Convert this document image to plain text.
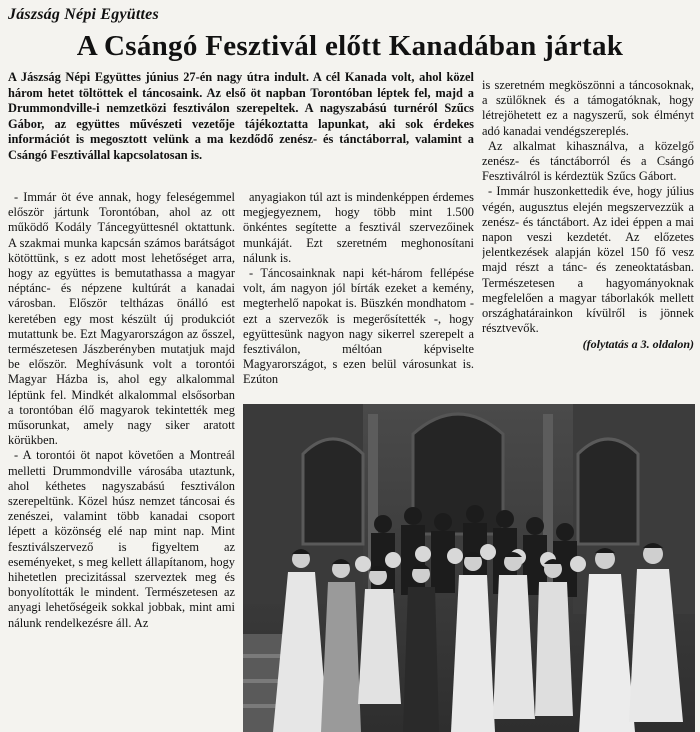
Jászság Népi Együttes
A Csángó Fesztivál előtt Kanadában jártak

A Jászság Népi Együttes június 27-én nagy útra indult. A cél Kanada volt, ahol közel három hetet töltöttek el táncosaink. Az első öt napban Torontóban léptek fel, majd a Drummondville-i nemzetközi fesztiválon szerepeltek. A nagyszabású turnéról Szűcs Gábor, az együttes művészeti vezetője tájékoztatta lapunkat, aki sok érdekes információt is megosztott velünk a ma kezdődő zenész- és tánctáborral, valamint a Csángó Fesztivállal kapcsolatosan is.

- Immár öt éve annak, hogy feleségemmel először jártunk Torontóban, ahol az ott működő Kodály Táncegyüttesnél oktattunk. A szakmai munka kapcsán számos barátságot kötöttünk, s ez adott most lehetőséget arra, hogy az együttes is bemutathassa a magyar néptánc- és népzene kultúrát a kanadai városban. Először teltházas önálló est keretében egy most készült új produkciót mutattunk be. Ezt Magyarországon az ősszel, természetesen Jászberényben mutatjuk majd be először. Meghívásunk volt a torontói Magyar Házba is, ahol egy alkalommal léptünk fel. Mindkét alkalommal elsősorban a torontóban élő magyarok tekintették meg műsorunkat, amely nagy siker aratott körükben.

- A torontói öt napot követően a Montreál melletti Drummondville városába utaztunk, ahol kéthetes nagyszabású fesztiválon szerepeltünk. Közel húsz nemzet táncosai és zenészei, valamint több kanadai csoport lépett a közönség elé nap mint nap. Mint fesztiválszervező is figyeltem az eseményeket, s meg kellett állapítanom, hogy hihetetlen precizitással szerveztek meg és bonyolították le mindent. Természetesen az anyagi lehetőségeik sokkal jobbak, mint ami nálunk rendelkezésre áll. Az

anyagiakon túl azt is mindenképpen érdemes megjegyeznem, hogy több mint 1.500 önkéntes segítette a fesztivál szervezőinek munkáját. Ezt szeretném meghonosítani nálunk is.

- Táncosainknak napi két-három fellépése volt, ám nagyon jól bírták ezeket a kemény, megterhelő napokat is. Büszkén mondhatom - ezt a szervezők is megerősítették -, hogy együttesünk nagyon nagy sikerrel szerepelt a fesztiválon, méltóan képviselte Magyarországot, s ezen belül városunkat is. Ezúton

is szeretném megköszönni a táncosoknak, a szülőknek és a támogatóknak, hogy létrejöhetett ez a nagyszerű, sok élményt adó kanadai vendégszereplés.

Az alkalmat kihasználva, a közelgő zenész- és tánctáborról és a Csángó Fesztiválról is kérdeztük Szűcs Gábort.

- Immár huszonkettedik éve, hogy július végén, augusztus elején megszervezzük a zenész- és tánctábort. Az idei éppen a mai napon veszi kezdetét. Az előzetes jelentkezések alapján közel 150 fő vesz majd részt a tánc- és zeneoktatásban. Természetesen a hagyományoknak megfelelően a magyar táborlakók mellett országhatárainkon kívülről is jönnek résztvevők.

(folytatás a 3. oldalon)
